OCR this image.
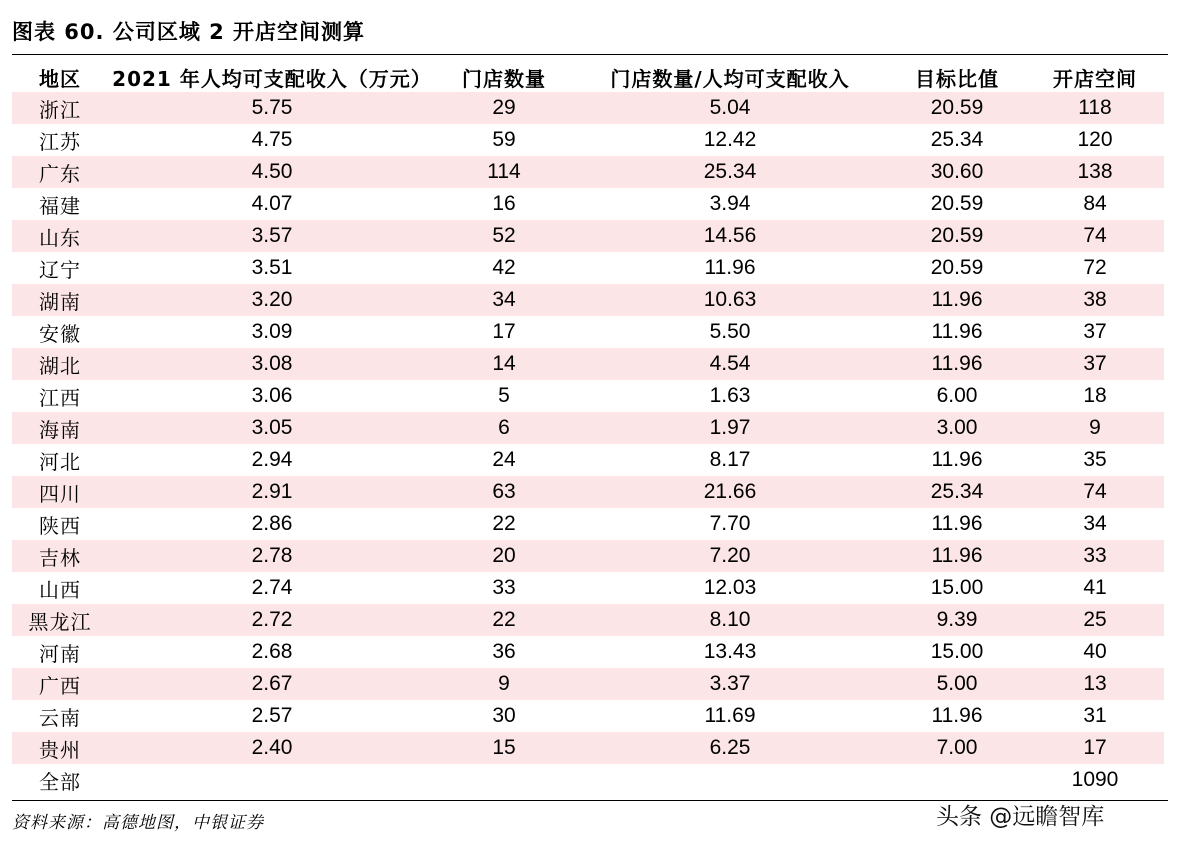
图表 60. 公司区域 2 开店空间测算
地区	2021 年人均可支配收入（万元）	门店数量	门店数量/人均可支配收入	目标比值	开店空间
浙江	5.75	29	5.04	20.59	118
江苏	4.75	59	12.42	25.34	120
广东	4.50	114	25.34	30.60	138
福建	4.07	16	3.94	20.59	84
山东	3.57	52	14.56	20.59	74
辽宁	3.51	42	11.96	20.59	72
湖南	3.20	34	10.63	11.96	38
安徽	3.09	17	5.50	11.96	37
湖北	3.08	14	4.54	11.96	37
江西	3.06	5	1.63	6.00	18
海南	3.05	6	1.97	3.00	9
河北	2.94	24	8.17	11.96	35
四川	2.91	63	21.66	25.34	74
陕西	2.86	22	7.70	11.96	34
吉林	2.78	20	7.20	11.96	33
山西	2.74	33	12.03	15.00	41
黑龙江	2.72	22	8.10	9.39	25
河南	2.68	36	13.43	15.00	40
广西	2.67	9	3.37	5.00	13
云南	2.57	30	11.69	11.96	31
贵州	2.40	15	6.25	7.00	17
全部					1090
资料来源：高德地图，中银证券	头条 @远瞻智库
